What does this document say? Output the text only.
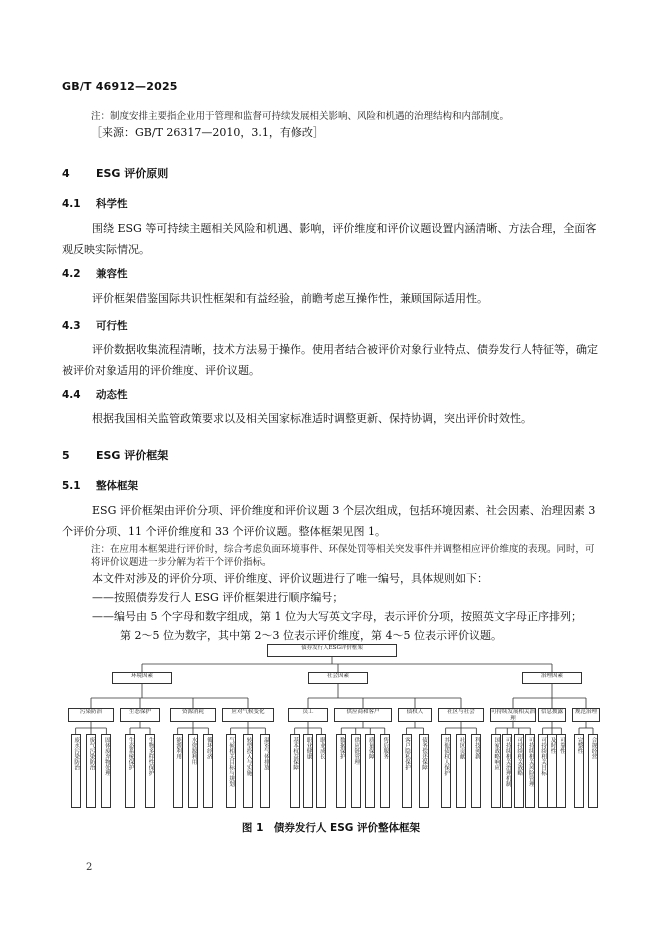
GB/T 46912—2025
注：制度安排主要指企业用于管理和监督可持续发展相关影响、风险和机遇的治理结构和内部制度。
［来源：GB/T 26317—2010，3.1，有修改］
4 ESG 评价原则
4.1 科学性
围绕 ESG 等可持续主题相关风险和机遇、影响，评价维度和评价议题设置内涵清晰、方法合理，全面客观反映实际情况。
4.2 兼容性
评价框架借鉴国际共识性框架和有益经验，前瞻考虑互操作性，兼顾国际适用性。
4.3 可行性
评价数据收集流程清晰，技术方法易于操作。使用者结合被评价对象行业特点、债券发行人特征等，确定被评价对象适用的评价维度、评价议题。
4.4 动态性
根据我国相关监管政策要求以及相关国家标准适时调整更新、保持协调，突出评价时效性。
5 ESG 评价框架
5.1 整体框架
ESG 评价框架由评价分项、评价维度和评价议题 3 个层次组成，包括环境因素、社会因素、治理因素 3 个评价分项、11 个评价维度和 33 个评价议题。整体框架见图 1。
注：在应用本框架进行评价时，综合考虑负面环境事件、环保处罚等相关突发事件并调整相应评价维度的表现。同时，可将评价议题进一步分解为若干个评价指标。
本文件对涉及的评价分项、评价维度、评价议题进行了唯一编号，具体规则如下：
——按照债券发行人 ESG 评价框架进行顺序编号；
——编号由 5 个字母和数字组成，第 1 位为大写英文字母，表示评价分项，按照英文字母正序排列；
第 2～5 位为数字，其中第 2～3 位表示评价维度，第 4～5 位表示评价议题。
债券发行人ESG评价框架
环境因素	社会因素	治理因素
污染防治	生态保护	资源消耗	应对气候变化	员工	供应商和客户	债权人	社区与社会	可持续发展相关治理
信息披露	规范治理
废水污染防治	废气污染防治	固体废弃物处理	生态系统保护	生物多样性保护	能源利用	水资源利用	循环经济	气候相关目标与规划	转型投入与实施	温室气体排放	基本权益保障	职业健康	职业成长	数据保护	供应链管理	质量保障	售后服务	客户隐私保护	债务偿还保障	其他债权人保护	社区贡献	科技创新	国家战略响应	可持续相关治理机制	可持续相关战略	可持续相关风险管理	可持续相关目标 及时性 可靠性	完整性	合规经营
图 1　债券发行人 ESG 评价整体框架
2
